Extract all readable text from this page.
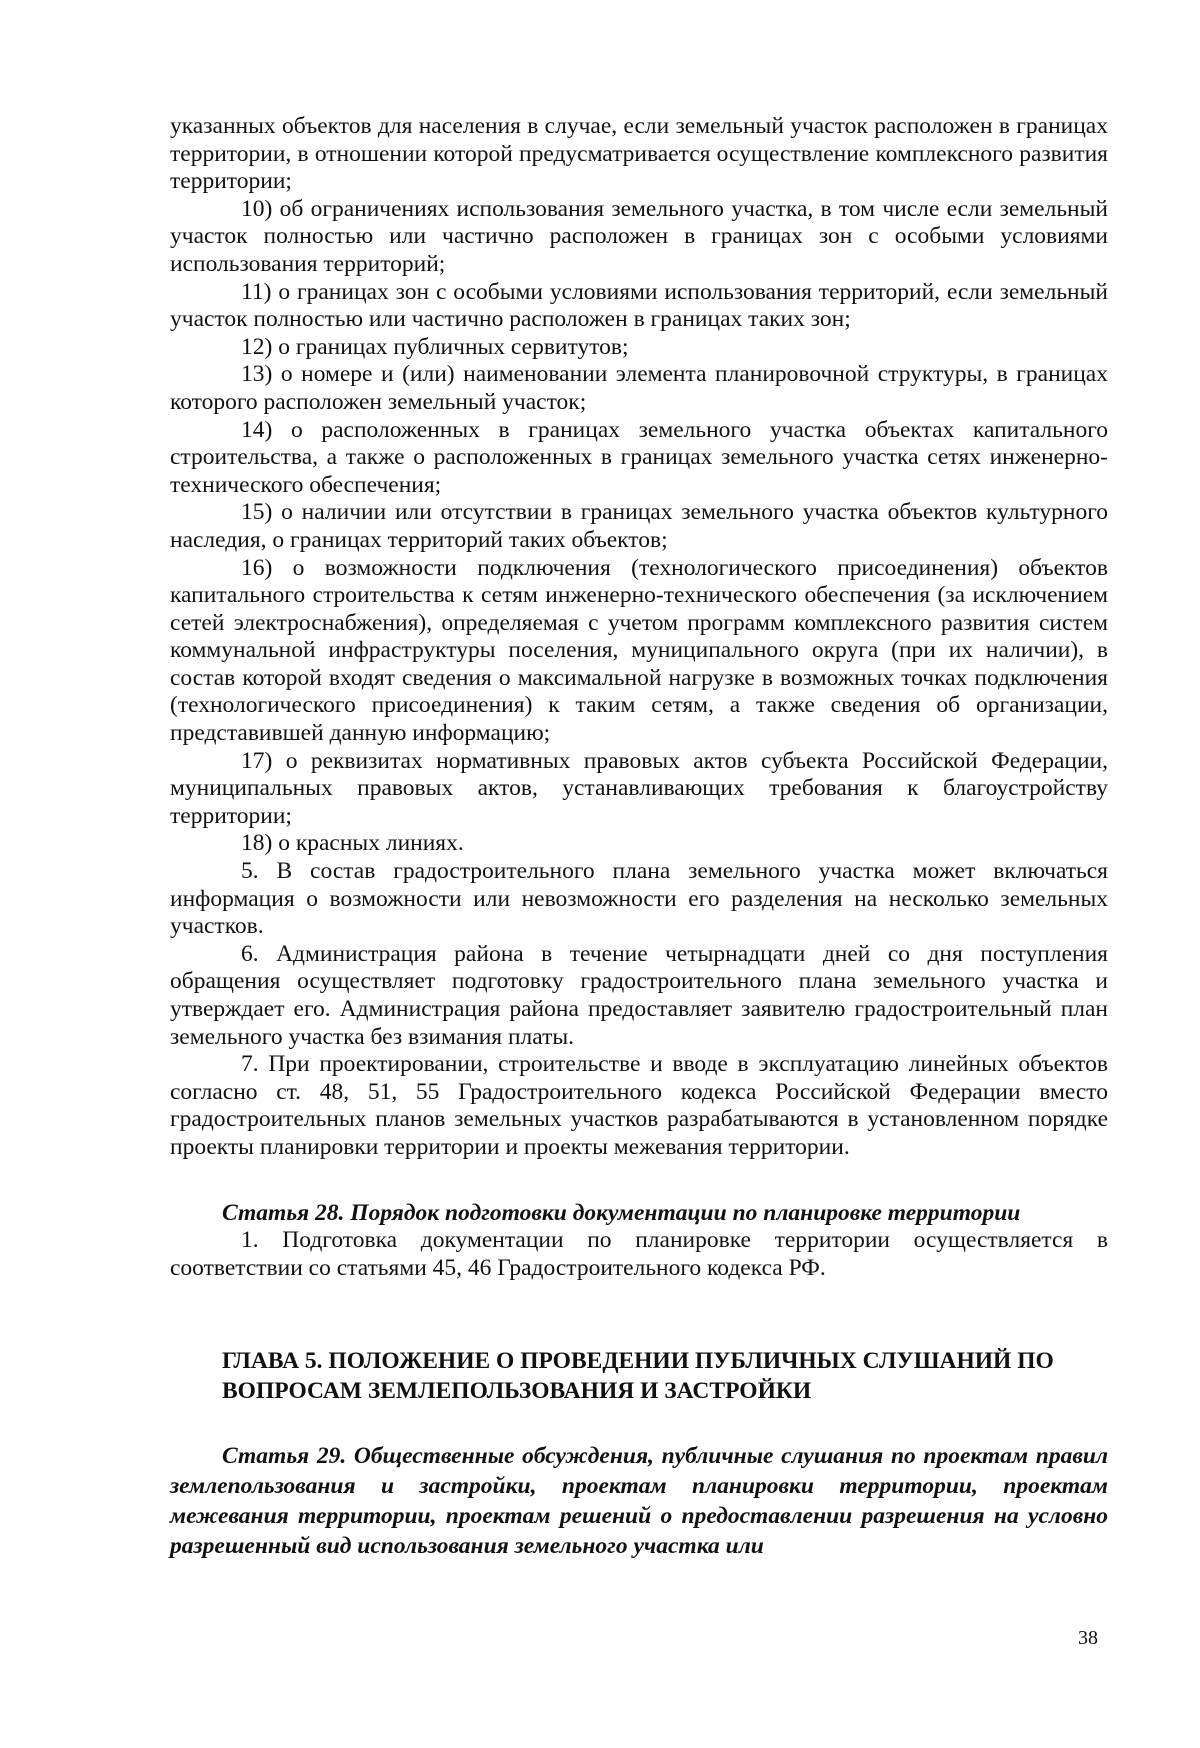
указанных объектов для населения в случае, если земельный участок расположен в границах территории, в отношении которой предусматривается осуществление комплексного развития территории;

10) об ограничениях использования земельного участка, в том числе если земельный участок полностью или частично расположен в границах зон с особыми условиями использования территорий;

11) о границах зон с особыми условиями использования территорий, если земельный участок полностью или частично расположен в границах таких зон;

12) о границах публичных сервитутов;

13) о номере и (или) наименовании элемента планировочной структуры, в границах которого расположен земельный участок;

14) о расположенных в границах земельного участка объектах капитального строительства, а также о расположенных в границах земельного участка сетях инженерно-технического обеспечения;

15) о наличии или отсутствии в границах земельного участка объектов культурного наследия, о границах территорий таких объектов;

16) о возможности подключения (технологического присоединения) объектов капитального строительства к сетям инженерно-технического обеспечения (за исключением сетей электроснабжения), определяемая с учетом программ комплексного развития систем коммунальной инфраструктуры поселения, муниципального округа (при их наличии), в состав которой входят сведения о максимальной нагрузке в возможных точках подключения (технологического присоединения) к таким сетям, а также сведения об организации, представившей данную информацию;

17) о реквизитах нормативных правовых актов субъекта Российской Федерации, муниципальных правовых актов, устанавливающих требования к благоустройству территории;

18) о красных линиях.

5. В состав градостроительного плана земельного участка может включаться информация о возможности или невозможности его разделения на несколько земельных участков.

6. Администрация района в течение четырнадцати дней со дня поступления обращения осуществляет подготовку градостроительного плана земельного участка и утверждает его. Администрация района предоставляет заявителю градостроительный план земельного участка без взимания платы.

7. При проектировании, строительстве и вводе в эксплуатацию линейных объектов согласно ст. 48, 51, 55 Градостроительного кодекса Российской Федерации вместо градостроительных планов земельных участков разрабатываются в установленном порядке проекты планировки территории и проекты межевания территории.

Статья 28. Порядок подготовки документации по планировке территории

1. Подготовка документации по планировке территории осуществляется в соответствии со статьями 45, 46 Градостроительного кодекса РФ.

ГЛАВА 5. ПОЛОЖЕНИЕ О ПРОВЕДЕНИИ ПУБЛИЧНЫХ СЛУШАНИЙ ПО ВОПРОСАМ ЗЕМЛЕПОЛЬЗОВАНИЯ И ЗАСТРОЙКИ

Статья 29. Общественные обсуждения, публичные слушания по проектам правил землепользования и застройки, проектам планировки территории, проектам межевания территории, проектам решений о предоставлении разрешения на условно разрешенный вид использования земельного участка или

38
